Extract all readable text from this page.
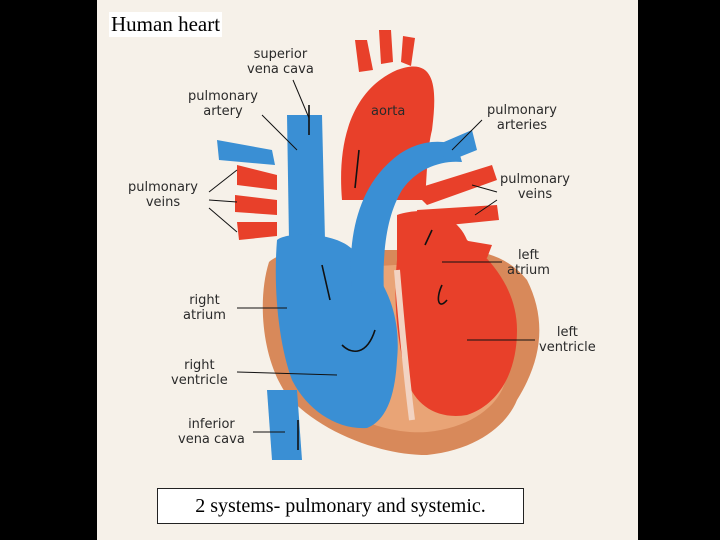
Human heart
superior
vena cava
pulmonary
artery	aorta	pulmonary
arteries
pulmonary
veins
pulmonary
veins
left
atrium
right
atrium
right
ventricle
left
ventricle
inferior
vena cava
2 systems- pulmonary and systemic.
